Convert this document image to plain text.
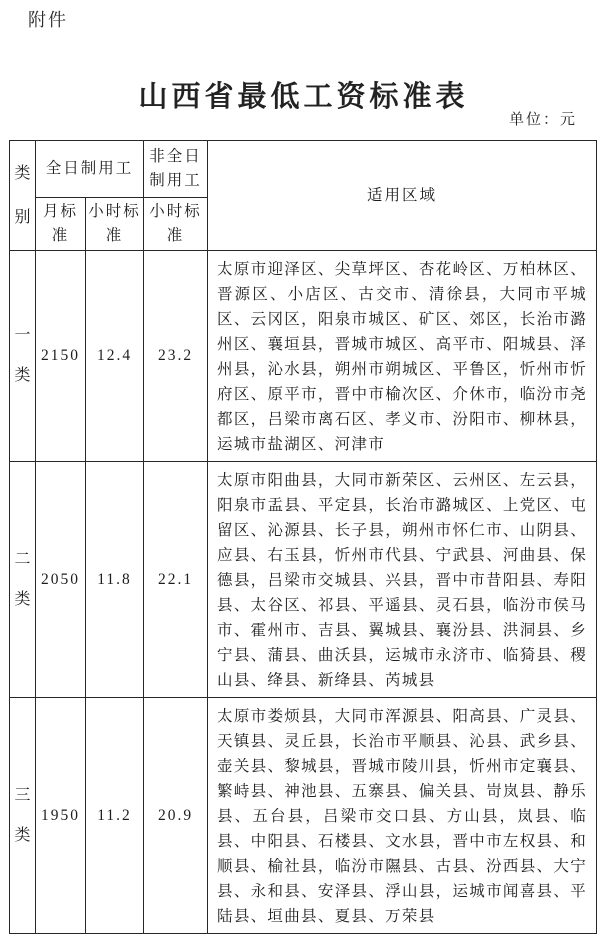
附件
山西省最低工资标准表
单位：元
类别	全日制用工		非全日制用工	适用区域
	月标准	小时标准	小时标准	

一类	2150	12.4	23.2	太原市迎泽区、尖草坪区、杏花岭区、万柏林区、晋源区、小店区、古交市、清徐县，大同市平城区、云冈区，阳泉市城区、矿区、郊区，长治市潞州区、襄垣县，晋城市城区、高平市、阳城县、泽州县，沁水县，朔州市朔城区、平鲁区，忻州市忻府区、原平市，晋中市榆次区、介休市，临汾市尧都区，吕梁市离石区、孝义市、汾阳市、柳林县，运城市盐湖区、河津市

二类	2050	11.8	22.1	太原市阳曲县，大同市新荣区、云州区、左云县，阳泉市盂县、平定县，长治市潞城区、上党区、屯留区、沁源县、长子县，朔州市怀仁市、山阴县、应县、右玉县，忻州市代县、宁武县、河曲县、保德县，吕梁市交城县、兴县，晋中市昔阳县、寿阳县、太谷区、祁县、平遥县、灵石县，临汾市侯马市、霍州市、吉县、翼城县、襄汾县、洪洞县、乡宁县、蒲县、曲沃县，运城市永济市、临猗县、稷山县、绛县、新绛县、芮城县

三类	1950	11.2	20.9	太原市娄烦县，大同市浑源县、阳高县、广灵县、天镇县、灵丘县，长治市平顺县、沁县、武乡县、壶关县、黎城县，晋城市陵川县，忻州市定襄县、繁峙县、神池县、五寨县、偏关县、岢岚县、静乐县、五台县，吕梁市交口县、方山县，岚县、临县、中阳县、石楼县、文水县，晋中市左权县、和顺县、榆社县，临汾市隰县、古县、汾西县、大宁县、永和县、安泽县、浮山县，运城市闻喜县、平陆县、垣曲县、夏县、万荣县
